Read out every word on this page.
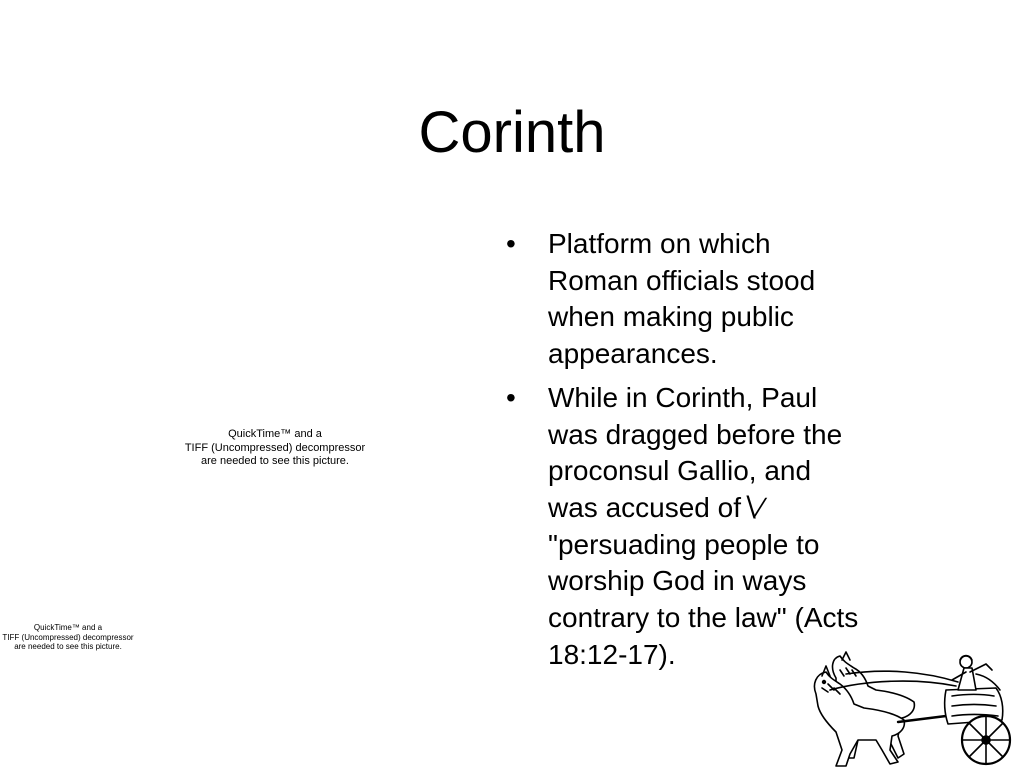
Corinth
•	Platform on which
Roman officials stood
when making public
appearances.
•	While in Corinth, Paul
was dragged before the
proconsul Gallio, and
was accused of∖∕
"persuading people to
worship God in ways
contrary to the law" (Acts
18:12-17).
QuickTime™ and a
TIFF (Uncompressed) decompressor
are needed to see this picture.
QuickTime™ and a
TIFF (Uncompressed) decompressor
are needed to see this picture.
